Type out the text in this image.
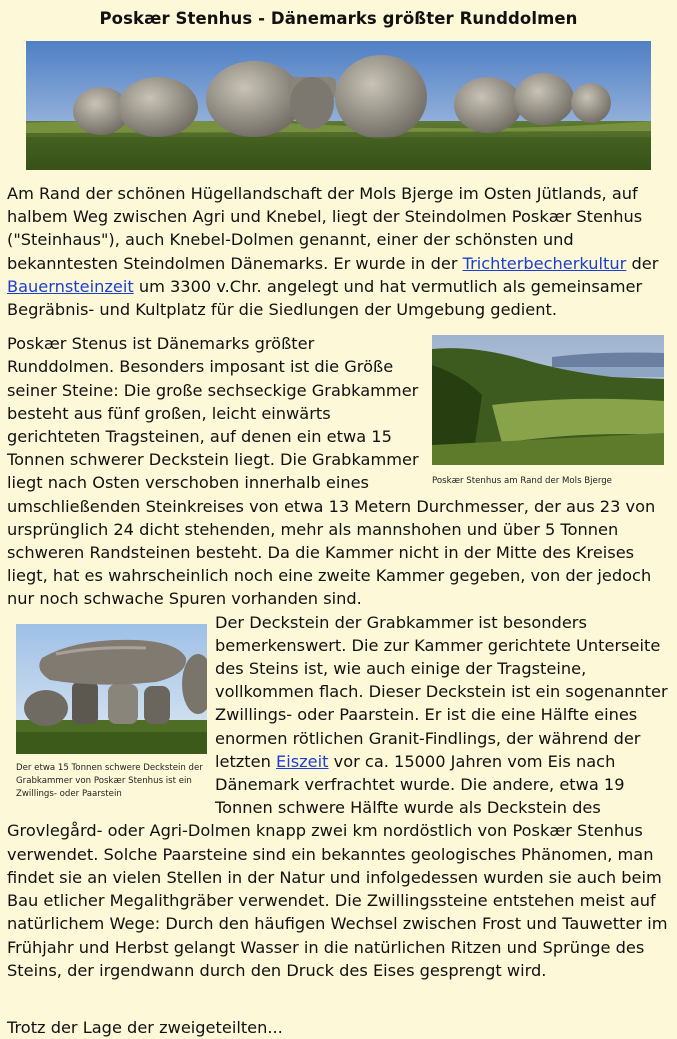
Poskær Stenhus - Dänemarks größter Runddolmen

Am Rand der schönen Hügellandschaft der Mols Bjerge im Osten Jütlands, auf halbem Weg zwischen Agri und Knebel, liegt der Steindolmen Poskær Stenhus ("Steinhaus"), auch Knebel-Dolmen genannt, einer der schönsten und bekanntesten Steindolmen Dänemarks. Er wurde in der Trichterbecherkultur der Bauernsteinzeit um 3300 v.Chr. angelegt und hat vermutlich als gemeinsamer Begräbnis- und Kultplatz für die Siedlungen der Umgebung gedient.

Poskær Stenhus am Rand der Mols Bjerge

Poskær Stenus ist Dänemarks größter Runddolmen. Besonders imposant ist die Größe seiner Steine: Die große sechseckige Grabkammer besteht aus fünf großen, leicht einwärts gerichteten Tragsteinen, auf denen ein etwa 15 Tonnen schwerer Deckstein liegt. Die Grabkammer liegt nach Osten verschoben innerhalb eines umschließenden Steinkreises von etwa 13 Metern Durchmesser, der aus 23 von ursprünglich 24 dicht stehenden, mehr als mannshohen und über 5 Tonnen schweren Randsteinen besteht. Da die Kammer nicht in der Mitte des Kreises liegt, hat es wahrscheinlich noch eine zweite Kammer gegeben, von der jedoch nur noch schwache Spuren vorhanden sind.

Der etwa 15 Tonnen schwere Deckstein der Grabkammer von Poskær Stenhus ist ein Zwillings- oder Paarstein

Der Deckstein der Grabkammer ist besonders bemerkenswert. Die zur Kammer gerichtete Unterseite des Steins ist, wie auch einige der Tragsteine, vollkommen flach. Dieser Deckstein ist ein sogenannter Zwillings- oder Paarstein. Er ist die eine Hälfte eines enormen rötlichen Granit-Findlings, der während der letzten Eiszeit vor ca. 15000 Jahren vom Eis nach Dänemark verfrachtet wurde. Die andere, etwa 19 Tonnen schwere Hälfte wurde als Deckstein des Grovlegård- oder Agri-Dolmen knapp zwei km nordöstlich von Poskær Stenhus verwendet. Solche Paarsteine sind ein bekanntes geologisches Phänomen, man findet sie an vielen Stellen in der Natur und infolgedessen wurden sie auch beim Bau etlicher Megalithgräber verwendet. Die Zwillingssteine entstehen meist auf natürlichem Wege: Durch den häufigen Wechsel zwischen Frost und Tauwetter im Frühjahr und Herbst gelangt Wasser in die natürlichen Ritzen und Sprünge des Steins, der irgendwann durch den Druck des Eises gesprengt wird.

Trotz der Lage der zweigeteilten...
